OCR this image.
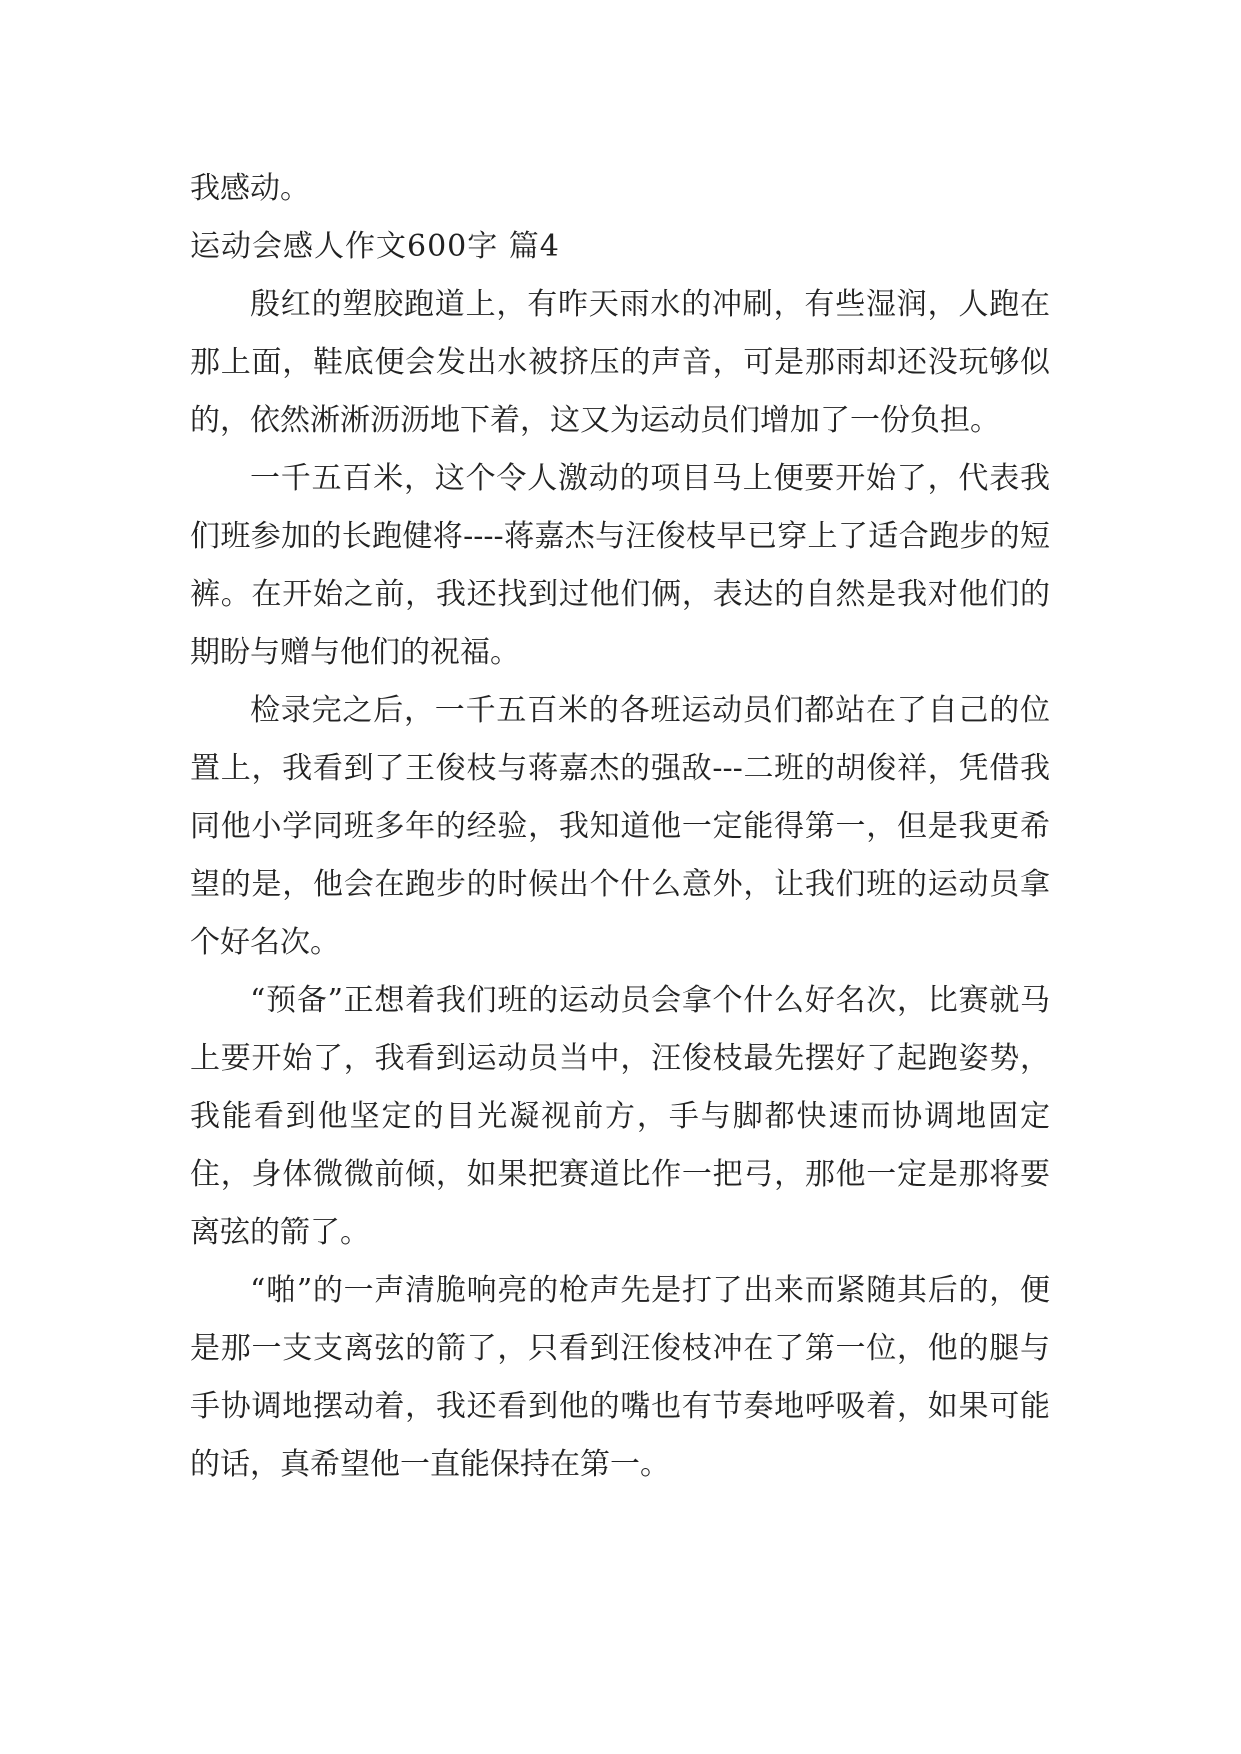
我感动。

运动会感人作文600字 篇4

殷红的塑胶跑道上，有昨天雨水的冲刷，有些湿润，人跑在那上面，鞋底便会发出水被挤压的声音，可是那雨却还没玩够似的，依然淅淅沥沥地下着，这又为运动员们增加了一份负担。

一千五百米，这个令人激动的项目马上便要开始了，代表我们班参加的长跑健将----蒋嘉杰与汪俊枝早已穿上了适合跑步的短裤。在开始之前，我还找到过他们俩，表达的自然是我对他们的期盼与赠与他们的祝福。

检录完之后，一千五百米的各班运动员们都站在了自己的位置上，我看到了王俊枝与蒋嘉杰的强敌---二班的胡俊祥，凭借我同他小学同班多年的经验，我知道他一定能得第一，但是我更希望的是，他会在跑步的时候出个什么意外，让我们班的运动员拿个好名次。

“预备”正想着我们班的运动员会拿个什么好名次，比赛就马上要开始了，我看到运动员当中，汪俊枝最先摆好了起跑姿势，我能看到他坚定的目光凝视前方，手与脚都快速而协调地固定住，身体微微前倾，如果把赛道比作一把弓，那他一定是那将要离弦的箭了。

“啪”的一声清脆响亮的枪声先是打了出来而紧随其后的，便是那一支支离弦的箭了，只看到汪俊枝冲在了第一位，他的腿与手协调地摆动着，我还看到他的嘴也有节奏地呼吸着，如果可能的话，真希望他一直能保持在第一。
